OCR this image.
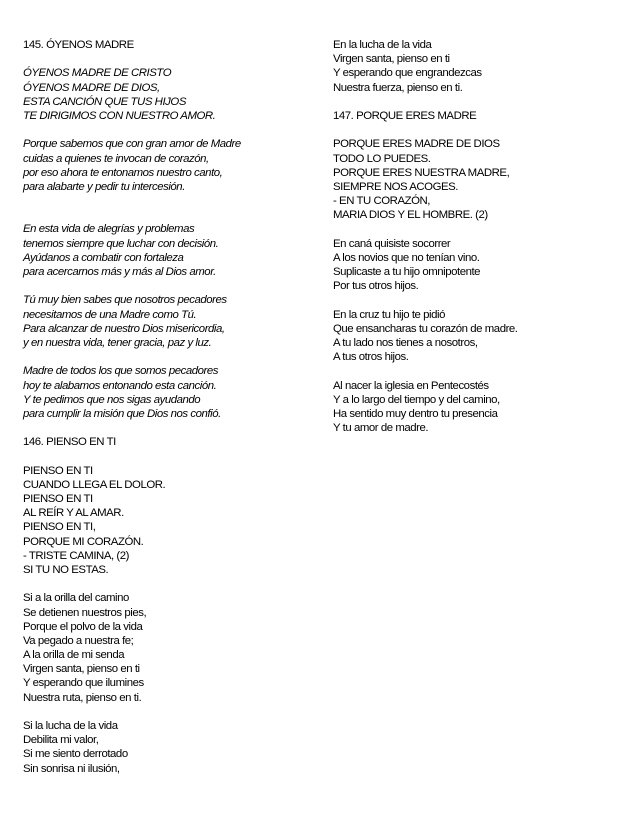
145. ÓYENOS MADRE
ÓYENOS MADRE DE CRISTO
ÓYENOS MADRE DE DIOS,
ESTA CANCIÓN QUE TUS HIJOS
TE DIRIGIMOS CON NUESTRO AMOR.
Porque sabemos que con gran amor de Madre
cuidas a quienes te invocan de corazón,
por eso ahora te entonamos nuestro canto,
para alabarte y pedir tu intercesión.
En esta vida de alegrías y problemas
tenemos siempre que luchar con decisión.
Ayúdanos a combatir con fortaleza
para acercarnos más y más al Dios amor.
Tú muy bien sabes que nosotros pecadores
necesitamos de una Madre como Tú.
Para alcanzar de nuestro Dios misericordia,
y en nuestra vida, tener gracia, paz y luz.
Madre de todos los que somos pecadores
hoy te alabamos entonando esta canción.
Y te pedimos que nos sigas ayudando
para cumplir la misión que Dios nos confió.
146. PIENSO EN TI
PIENSO EN TI
CUANDO LLEGA EL DOLOR.
PIENSO EN TI
AL REÍR Y AL AMAR.
PIENSO EN TI,
PORQUE MI CORAZÓN.
- TRISTE CAMINA, (2)
SI TU NO ESTAS.
Si a la orilla del camino
Se detienen nuestros pies,
Porque el polvo de la vida
Va pegado a nuestra fe;
A la orilla de mi senda
Virgen santa, pienso en ti
Y esperando que ilumines
Nuestra ruta, pienso en ti.
Si la lucha de la vida
Debilita mi valor,
Si me siento derrotado
Sin sonrisa ni ilusión,
En la lucha de la vida
Virgen santa, pienso en ti
Y esperando que engrandezcas
Nuestra fuerza, pienso en ti.
147. PORQUE ERES MADRE
PORQUE ERES MADRE DE DIOS
TODO LO PUEDES.
PORQUE ERES NUESTRA MADRE,
SIEMPRE NOS ACOGES.
- EN TU CORAZÓN,
MARIA DIOS Y EL HOMBRE. (2)
En caná quisiste socorrer
A los novios que no tenían vino.
Suplicaste a tu hijo omnipotente
Por tus otros hijos.
En la cruz tu hijo te pidió
Que ensancharas tu corazón de madre.
A tu lado nos tienes a nosotros,
A tus otros hijos.
Al nacer la iglesia en Pentecostés
Y a lo largo del tiempo y del camino,
Ha sentido muy dentro tu presencia
Y tu amor de madre.
